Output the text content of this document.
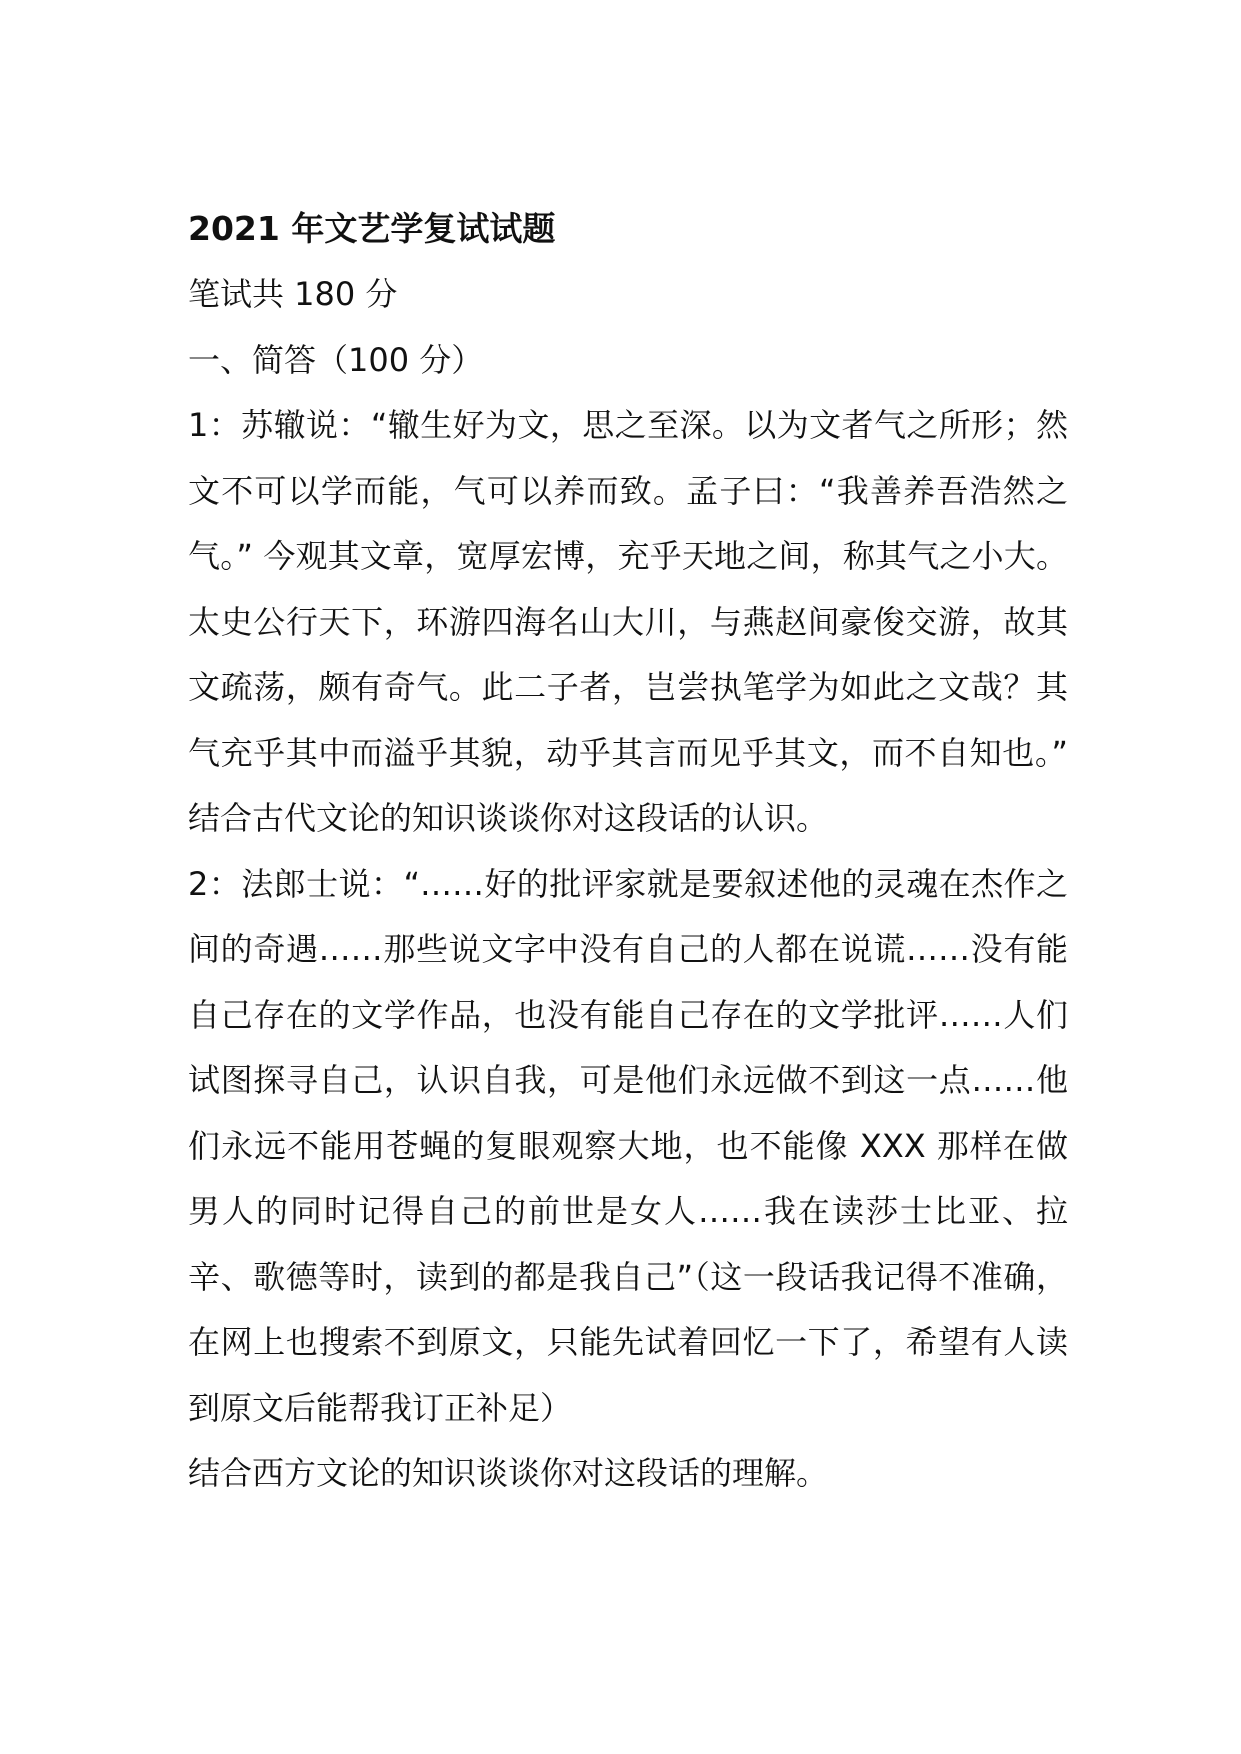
2021 年文艺学复试试题

笔试共 180 分

一、简答（100 分）

1：苏辙说：“辙生好为文，思之至深。以为文者气之所形；然文不可以学而能，气可以养而致。孟子曰：“我善养吾浩然之气。” 今观其文章，宽厚宏博，充乎天地之间，称其气之小大。太史公行天下，环游四海名山大川，与燕赵间豪俊交游，故其文疏荡，颇有奇气。此二子者，岂尝执笔学为如此之文哉？其气充乎其中而溢乎其貌，动乎其言而见乎其文，而不自知也。” 结合古代文论的知识谈谈你对这段话的认识。

2：法郎士说：“……好的批评家就是要叙述他的灵魂在杰作之间的奇遇……那些说文字中没有自己的人都在说谎……没有能自己存在的文学作品，也没有能自己存在的文学批评……人们试图探寻自己，认识自我，可是他们永远做不到这一点……他们永远不能用苍蝇的复眼观察大地，也不能像 XXX 那样在做男人的同时记得自己的前世是女人……我在读莎士比亚、拉辛、歌德等时，读到的都是我自己”（这一段话我记得不准确，在网上也搜索不到原文，只能先试着回忆一下了，希望有人读到原文后能帮我订正补足）

结合西方文论的知识谈谈你对这段话的理解。
